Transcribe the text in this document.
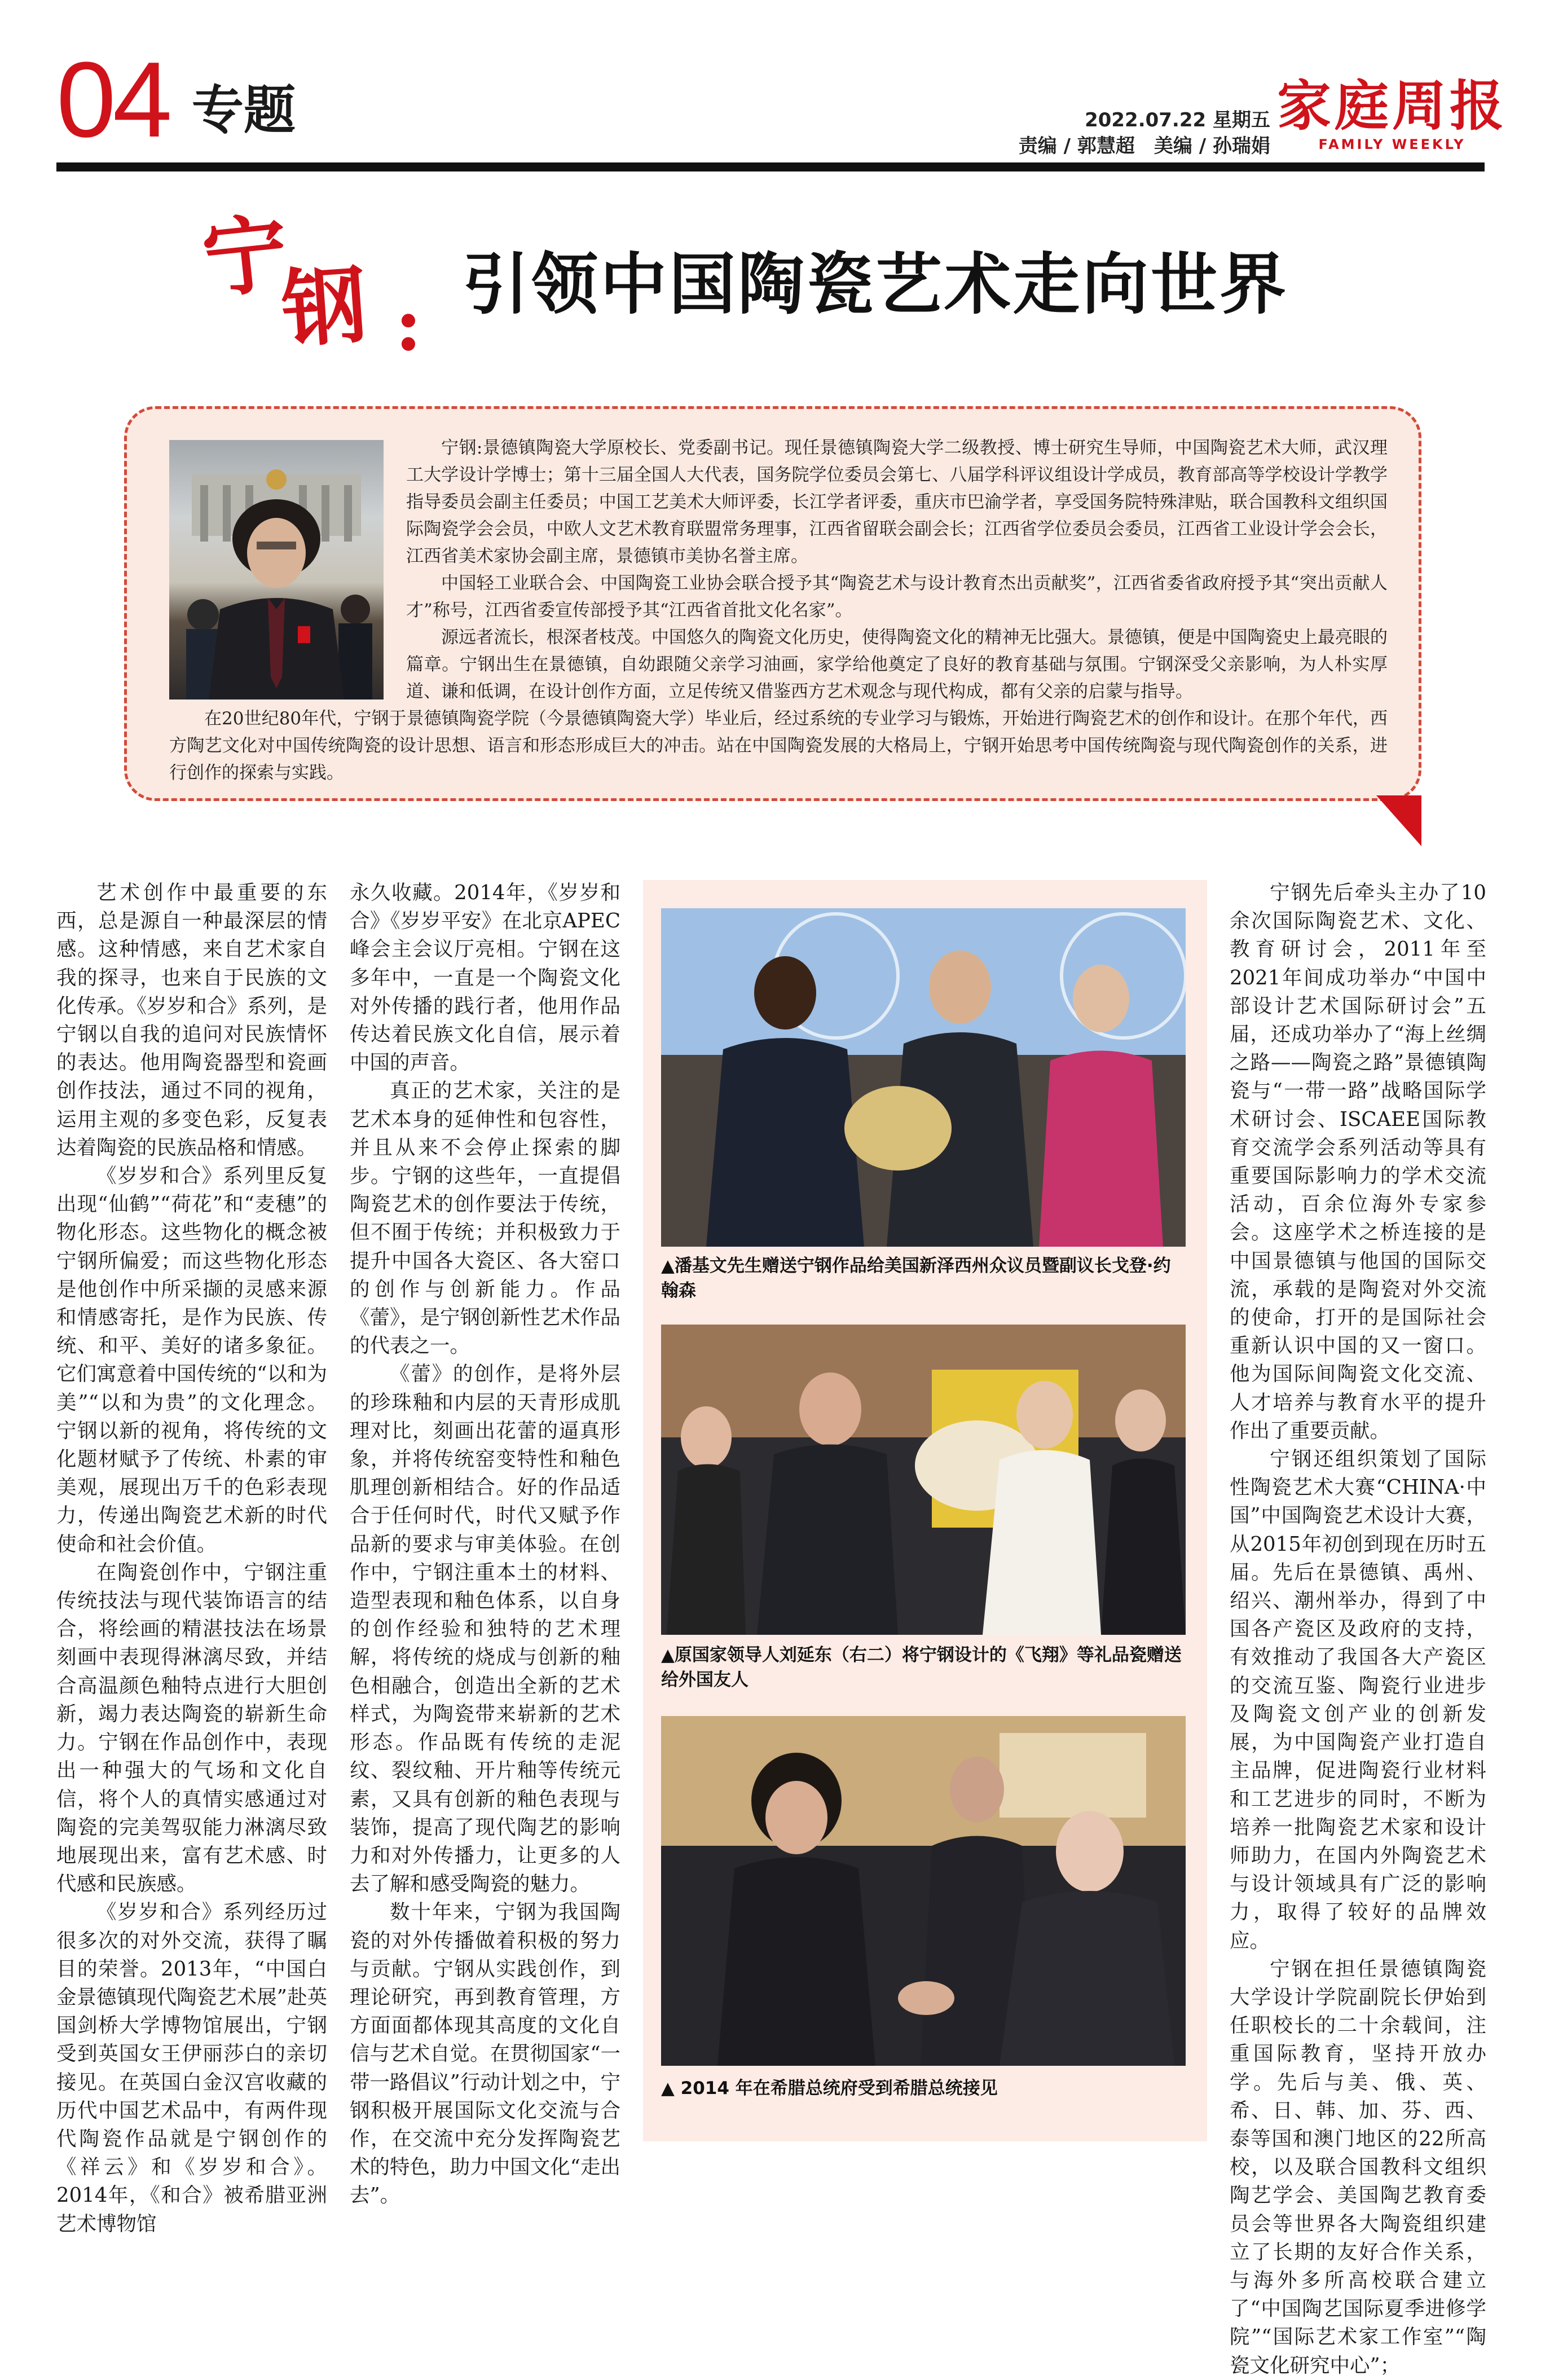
04 专题	2022.07.22 星期五
责编 / 郭慧超　美编 / 孙瑞娟
家庭周报
FAMILY WEEKLY
宁
钢 : 引领中国陶瓷艺术走向世界

宁钢:景德镇陶瓷大学原校长、党委副书记。现任景德镇陶瓷大学二级教授、博士研究生导师，中国陶瓷艺术大师，武汉理工大学设计学博士；第十三届全国人大代表，国务院学位委员会第七、八届学科评议组设计学成员，教育部高等学校设计学教学指导委员会副主任委员；中国工艺美术大师评委，长江学者评委，重庆市巴渝学者，享受国务院特殊津贴，联合国教科文组织国际陶瓷学会会员，中欧人文艺术教育联盟常务理事，江西省留联会副会长；江西省学位委员会委员，江西省工业设计学会会长，江西省美术家协会副主席，景德镇市美协名誉主席。

中国轻工业联合会、中国陶瓷工业协会联合授予其“陶瓷艺术与设计教育杰出贡献奖”，江西省委省政府授予其“突出贡献人才”称号，江西省委宣传部授予其“江西省首批文化名家”。

源远者流长，根深者枝茂。中国悠久的陶瓷文化历史，使得陶瓷文化的精神无比强大。景德镇，便是中国陶瓷史上最亮眼的篇章。宁钢出生在景德镇，自幼跟随父亲学习油画，家学给他奠定了良好的教育基础与氛围。宁钢深受父亲影响，为人朴实厚道、谦和低调，在设计创作方面，立足传统又借鉴西方艺术观念与现代构成，都有父亲的启蒙与指导。

在20世纪80年代，宁钢于景德镇陶瓷学院（今景德镇陶瓷大学）毕业后，经过系统的专业学习与锻炼，开始进行陶瓷艺术的创作和设计。在那个年代，西方陶艺文化对中国传统陶瓷的设计思想、语言和形态形成巨大的冲击。站在中国陶瓷发展的大格局上，宁钢开始思考中国传统陶瓷与现代陶瓷创作的关系，进行创作的探索与实践。

艺术创作中最重要的东西，总是源自一种最深层的情感。这种情感，来自艺术家自我的探寻，也来自于民族的文化传承。《岁岁和合》系列，是宁钢以自我的追问对民族情怀的表达。他用陶瓷器型和瓷画创作技法，通过不同的视角，运用主观的多变色彩，反复表达着陶瓷的民族品格和情感。

《岁岁和合》系列里反复出现“仙鹤”“荷花”和“麦穗”的物化形态。这些物化的概念被宁钢所偏爱；而这些物化形态是他创作中所采撷的灵感来源和情感寄托，是作为民族、传统、和平、美好的诸多象征。它们寓意着中国传统的“以和为美”“以和为贵”的文化理念。宁钢以新的视角，将传统的文化题材赋予了传统、朴素的审美观，展现出万千的色彩表现力，传递出陶瓷艺术新的时代使命和社会价值。

在陶瓷创作中，宁钢注重传统技法与现代装饰语言的结合，将绘画的精湛技法在场景刻画中表现得淋漓尽致，并结合高温颜色釉特点进行大胆创新，竭力表达陶瓷的崭新生命力。宁钢在作品创作中，表现出一种强大的气场和文化自信，将个人的真情实感通过对陶瓷的完美驾驭能力淋漓尽致地展现出来，富有艺术感、时代感和民族感。

《岁岁和合》系列经历过很多次的对外交流，获得了瞩目的荣誉。2013年，“中国白金景德镇现代陶瓷艺术展”赴英国剑桥大学博物馆展出，宁钢受到英国女王伊丽莎白的亲切接见。在英国白金汉宫收藏的历代中国艺术品中，有两件现代陶瓷作品就是宁钢创作的《祥云》和《岁岁和合》。2014年，《和合》被希腊亚洲艺术博物馆

永久收藏。2014年，《岁岁和合》《岁岁平安》在北京APEC峰会主会议厅亮相。宁钢在这多年中，一直是一个陶瓷文化对外传播的践行者，他用作品传达着民族文化自信，展示着中国的声音。

真正的艺术家，关注的是艺术本身的延伸性和包容性，并且从来不会停止探索的脚步。宁钢的这些年，一直提倡陶瓷艺术的创作要法于传统，但不囿于传统；并积极致力于提升中国各大瓷区、各大窑口的创作与创新能力。作品《蕾》，是宁钢创新性艺术作品的代表之一。

《蕾》的创作，是将外层的珍珠釉和内层的天青形成肌理对比，刻画出花蕾的逼真形象，并将传统窑变特性和釉色肌理创新相结合。好的作品适合于任何时代，时代又赋予作品新的要求与审美体验。在创作中，宁钢注重本土的材料、造型表现和釉色体系，以自身的创作经验和独特的艺术理解，将传统的烧成与创新的釉色相融合，创造出全新的艺术样式，为陶瓷带来崭新的艺术形态。作品既有传统的走泥纹、裂纹釉、开片釉等传统元素，又具有创新的釉色表现与装饰，提高了现代陶艺的影响力和对外传播力，让更多的人去了解和感受陶瓷的魅力。

数十年来，宁钢为我国陶瓷的对外传播做着积极的努力与贡献。宁钢从实践创作，到理论研究，再到教育管理，方方面面都体现其高度的文化自信与艺术自觉。在贯彻国家“一带一路倡议”行动计划之中，宁钢积极开展国际文化交流与合作，在交流中充分发挥陶瓷艺术的特色，助力中国文化“走出去”。

▲潘基文先生赠送宁钢作品给美国新泽西州众议员暨副议长戈登·约翰森
▲原国家领导人刘延东（右二）将宁钢设计的《飞翔》等礼品瓷赠送给外国友人
▲ 2014 年在希腊总统府受到希腊总统接见

宁钢先后牵头主办了10余次国际陶瓷艺术、文化、教育研讨会，2011年至2021年间成功举办“中国中部设计艺术国际研讨会”五届，还成功举办了“海上丝绸之路——陶瓷之路”景德镇陶瓷与“一带一路”战略国际学术研讨会、ISCAEE国际教育交流学会系列活动等具有重要国际影响力的学术交流活动，百余位海外专家参会。这座学术之桥连接的是中国景德镇与他国的国际交流，承载的是陶瓷对外交流的使命，打开的是国际社会重新认识中国的又一窗口。他为国际间陶瓷文化交流、人才培养与教育水平的提升作出了重要贡献。

宁钢还组织策划了国际性陶瓷艺术大赛“CHINA·中国”中国陶瓷艺术设计大赛，从2015年初创到现在历时五届。先后在景德镇、禹州、绍兴、潮州举办，得到了中国各产瓷区及政府的支持，有效推动了我国各大产瓷区的交流互鉴、陶瓷行业进步及陶瓷文创产业的创新发展，为中国陶瓷产业打造自主品牌，促进陶瓷行业材料和工艺进步的同时，不断为培养一批陶瓷艺术家和设计师助力，在国内外陶瓷艺术与设计领域具有广泛的影响力，取得了较好的品牌效应。

宁钢在担任景德镇陶瓷大学设计学院副院长伊始到任职校长的二十余载间，注重国际教育，坚持开放办学。先后与美、俄、英、希、日、韩、加、芬、西、泰等国和澳门地区的22所高校，以及联合国教科文组织陶艺学会、美国陶艺教育委员会等世界各大陶瓷组织建立了长期的友好合作关系，与海外多所高校联合建立了“中国陶艺国际夏季进修学院”“国际艺术家工作室”“陶瓷文化研究中心”；
